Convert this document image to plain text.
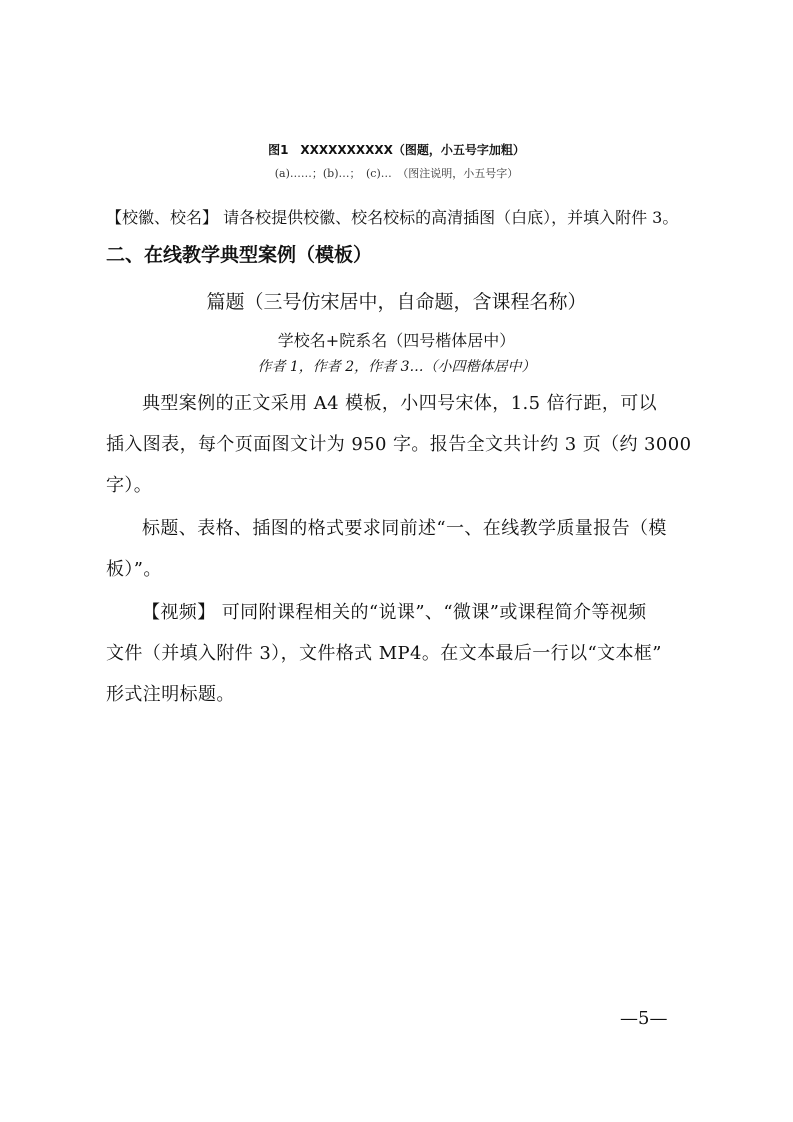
图1　XXXXXXXXXX（图题，小五号字加粗）
(a)……；(b)…；　(c)…　（图注说明，小五号字）
【校徽、校名】 请各校提供校徽、校名校标的高清插图（白底），并填入附件 3。
二、在线教学典型案例（模板）
篇题（三号仿宋居中，自命题，含课程名称）
学校名+院系名（四号楷体居中）
作者 1，作者 2，作者 3…（小四楷体居中）
典型案例的正文采用 A4 模板，小四号宋体，1.5 倍行距，可以
插入图表，每个页面图文计为 950 字。报告全文共计约 3 页（约 3000
字）。
标题、表格、插图的格式要求同前述“一、在线教学质量报告（模
板）”。
【视频】 可同附课程相关的“说课”、“微课”或课程简介等视频
文件（并填入附件 3），文件格式 MP4。在文本最后一行以“文本框”
形式注明标题。
—5—
